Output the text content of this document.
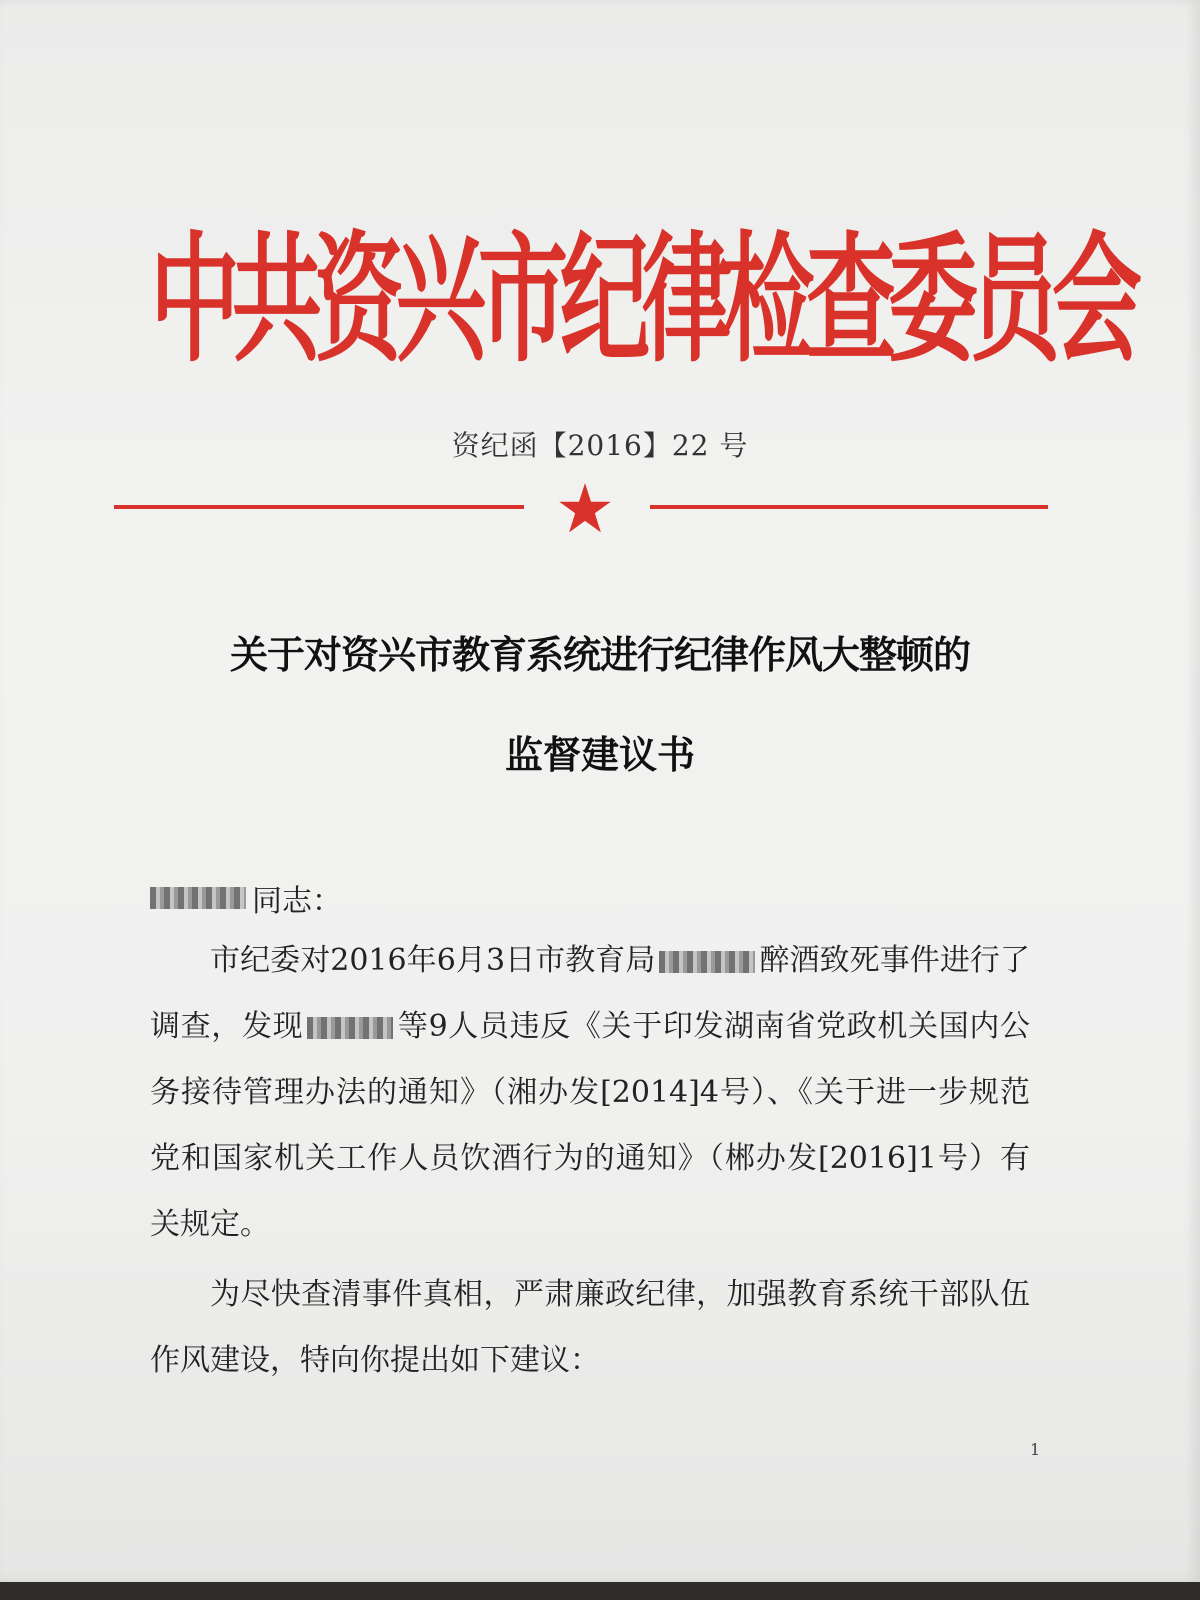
中共资兴市纪律检查委员会
资纪函【2016】22 号
关于对资兴市教育系统进行纪律作风大整顿的
监督建议书
同志：
市纪委对2016年6月3日市教育局	醉酒致死事件进行了调查，发现	等9人员违反《关于印发湖南省党政机关国内公务接待管理办法的通知》（湘办发[2014]4号）、《关于进一步规范党和国家机关工作人员饮酒行为的通知》（郴办发[2016]1号）有关规定。
为尽快查清事件真相，严肃廉政纪律，加强教育系统干部队伍作风建设，特向你提出如下建议：
1
